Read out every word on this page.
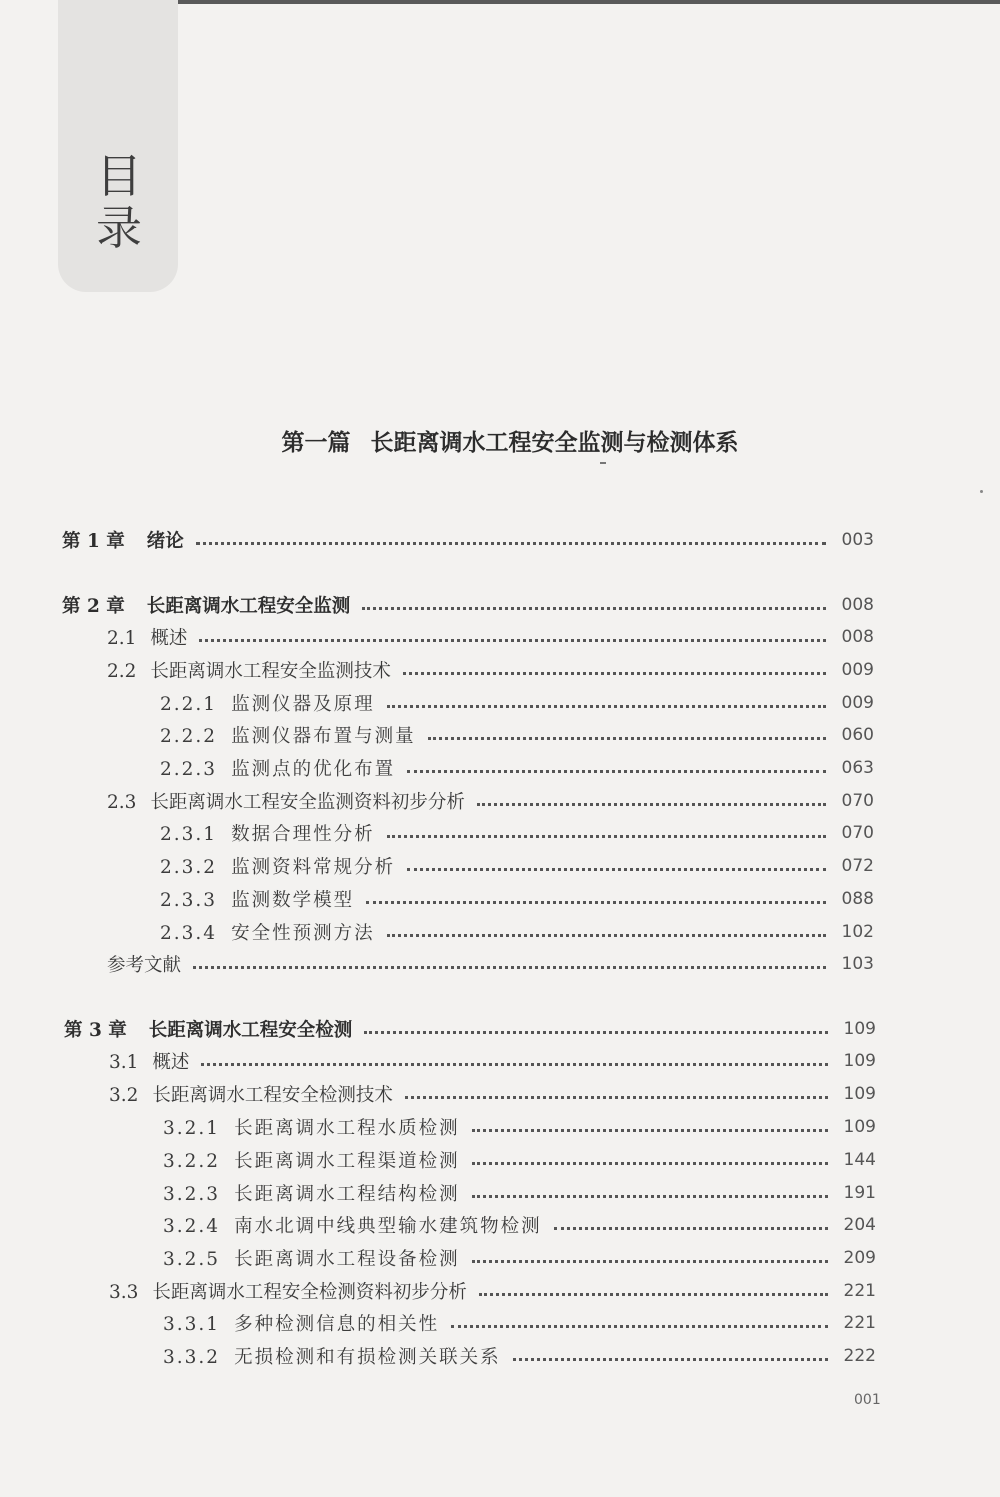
目录
第一篇 长距离调水工程安全监测与检测体系
第 1 章 绪论	003
第 2 章 长距离调水工程安全监测	008
2.1 概述	008
2.2 长距离调水工程安全监测技术	009
2.2.1 监测仪器及原理	009
2.2.2 监测仪器布置与测量	060
2.2.3 监测点的优化布置	063
2.3 长距离调水工程安全监测资料初步分析	070
2.3.1 数据合理性分析	070
2.3.2 监测资料常规分析	072
2.3.3 监测数学模型	088
2.3.4 安全性预测方法	102
参考文献	103
第 3 章 长距离调水工程安全检测	109
3.1 概述	109
3.2 长距离调水工程安全检测技术	109
3.2.1 长距离调水工程水质检测	109
3.2.2 长距离调水工程渠道检测	144
3.2.3 长距离调水工程结构检测	191
3.2.4 南水北调中线典型输水建筑物检测	204
3.2.5 长距离调水工程设备检测	209
3.3 长距离调水工程安全检测资料初步分析	221
3.3.1 多种检测信息的相关性	221
3.3.2 无损检测和有损检测关联关系	222
001
